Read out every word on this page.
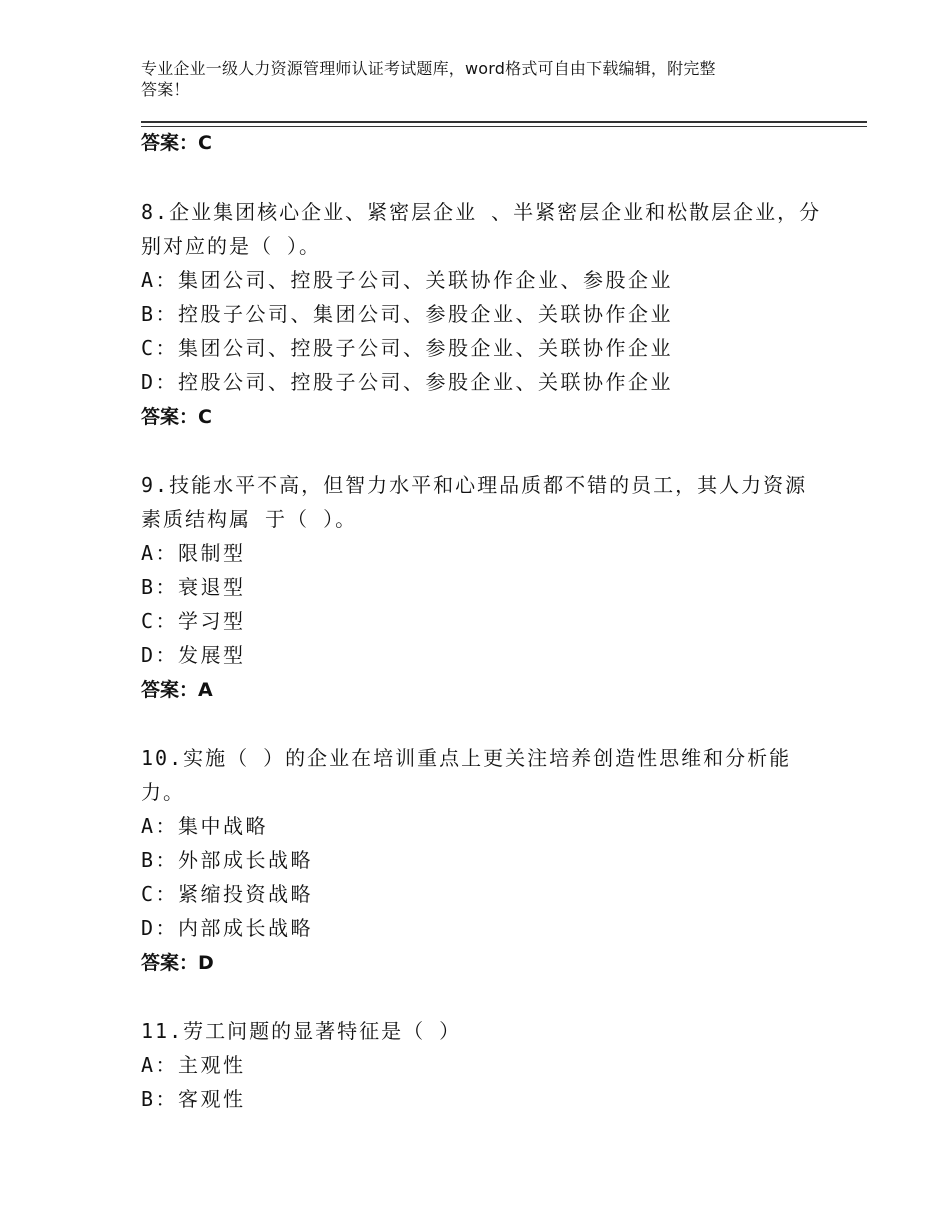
专业企业一级人力资源管理师认证考试题库，word格式可自由下载编辑，附完整
答案！
答案：C
8.企业集团核心企业、紧密层企业 、半紧密层企业和松散层企业，分
别对应的是（ ）。
A：集团公司、控股子公司、关联协作企业、参股企业
B：控股子公司、集团公司、参股企业、关联协作企业
C：集团公司、控股子公司、参股企业、关联协作企业
D：控股公司、控股子公司、参股企业、关联协作企业
答案：C
9.技能水平不高，但智力水平和心理品质都不错的员工，其人力资源
素质结构属 于（ ）。
A：限制型
B：衰退型
C：学习型
D：发展型
答案：A
10.实施（ ）的企业在培训重点上更关注培养创造性思维和分析能
力。
A：集中战略
B：外部成长战略
C：紧缩投资战略
D：内部成长战略
答案：D
11.劳工问题的显著特征是（ ）
A：主观性
B：客观性
